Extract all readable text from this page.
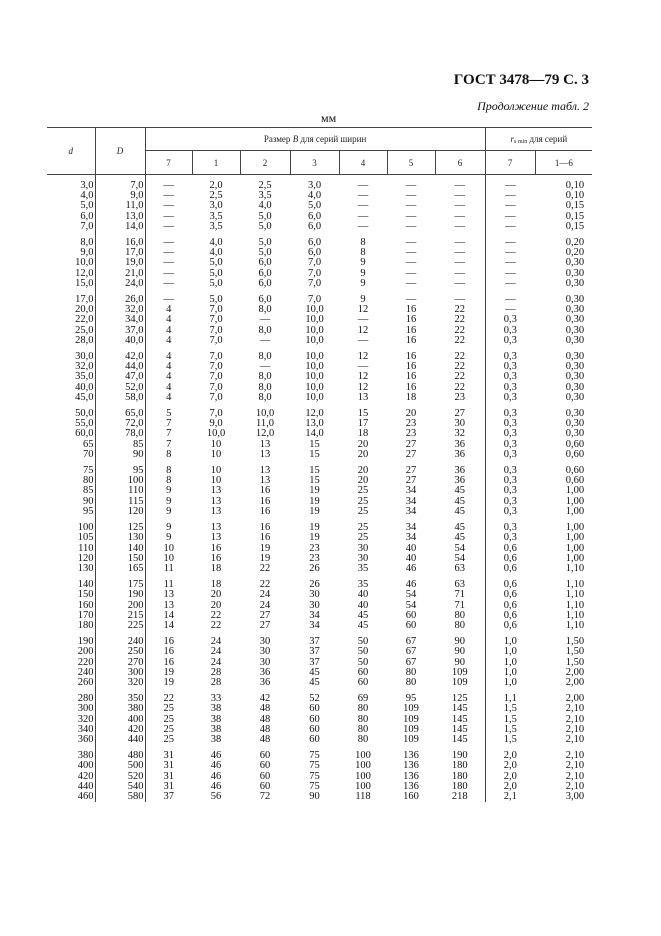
ГОСТ 3478—79 С. 3
Продолжение табл. 2
мм
d	D	Размер B для серий ширин							rs min для серий	
		7	1	2	3	4	5	6	7	1—6
3,0	7,0	—	2,0	2,5	3,0	—	—	—	—	0,10
4,0	9,0	—	2,5	3,5	4,0	—	—	—	—	0,10
5,0	11,0	—	3,0	4,0	5,0	—	—	—	—	0,15
6,0	13,0	—	3,5	5,0	6,0	—	—	—	—	0,15
7,0	14,0	—	3,5	5,0	6,0	—	—	—	—	0,15
8,0	16,0	—	4,0	5,0	6,0	8	—	—	—	0,20
9,0	17,0	—	4,0	5,0	6,0	8	—	—	—	0,20
10,0	19,0	—	5,0	6,0	7,0	9	—	—	—	0,30
12,0	21,0	—	5,0	6,0	7,0	9	—	—	—	0,30
15,0	24,0	—	5,0	6,0	7,0	9	—	—	—	0,30
17,0	26,0	—	5,0	6,0	7,0	9	—	—	—	0,30
20,0	32,0	4	7,0	8,0	10,0	12	16	22	—	0,30
22,0	34,0	4	7,0	—	10,0	—	16	22	0,3	0,30
25,0	37,0	4	7,0	8,0	10,0	12	16	22	0,3	0,30
28,0	40,0	4	7,0	—	10,0	—	16	22	0,3	0,30
30,0	42,0	4	7,0	8,0	10,0	12	16	22	0,3	0,30
32,0	44,0	4	7,0	—	10,0	—	16	22	0,3	0,30
35,0	47,0	4	7,0	8,0	10,0	12	16	22	0,3	0,30
40,0	52,0	4	7,0	8,0	10,0	12	16	22	0,3	0,30
45,0	58,0	4	7,0	8,0	10,0	13	18	23	0,3	0,30
50,0	65,0	5	7,0	10,0	12,0	15	20	27	0,3	0,30
55,0	72,0	7	9,0	11,0	13,0	17	23	30	0,3	0,30
60,0	78,0	7	10,0	12,0	14,0	18	23	32	0,3	0,30
65	85	7	10	13	15	20	27	36	0,3	0,60
70	90	8	10	13	15	20	27	36	0,3	0,60
75	95	8	10	13	15	20	27	36	0,3	0,60
80	100	8	10	13	15	20	27	36	0,3	0,60
85	110	9	13	16	19	25	34	45	0,3	1,00
90	115	9	13	16	19	25	34	45	0,3	1,00
95	120	9	13	16	19	25	34	45	0,3	1,00
100	125	9	13	16	19	25	34	45	0,3	1,00
105	130	9	13	16	19	25	34	45	0,3	1,00
110	140	10	16	19	23	30	40	54	0,6	1,00
120	150	10	16	19	23	30	40	54	0,6	1,00
130	165	11	18	22	26	35	46	63	0,6	1,10
140	175	11	18	22	26	35	46	63	0,6	1,10
150	190	13	20	24	30	40	54	71	0,6	1,10
160	200	13	20	24	30	40	54	71	0,6	1,10
170	215	14	22	27	34	45	60	80	0,6	1,10
180	225	14	22	27	34	45	60	80	0,6	1,10
190	240	16	24	30	37	50	67	90	1,0	1,50
200	250	16	24	30	37	50	67	90	1,0	1,50
220	270	16	24	30	37	50	67	90	1,0	1,50
240	300	19	28	36	45	60	80	109	1,0	2,00
260	320	19	28	36	45	60	80	109	1,0	2,00
280	350	22	33	42	52	69	95	125	1,1	2,00
300	380	25	38	48	60	80	109	145	1,5	2,10
320	400	25	38	48	60	80	109	145	1,5	2,10
340	420	25	38	48	60	80	109	145	1,5	2,10
360	440	25	38	48	60	80	109	145	1,5	2,10
380	480	31	46	60	75	100	136	190	2,0	2,10
400	500	31	46	60	75	100	136	180	2,0	2,10
420	520	31	46	60	75	100	136	180	2,0	2,10
440	540	31	46	60	75	100	136	180	2,0	2,10
460	580	37	56	72	90	118	160	218	2,1	3,00
